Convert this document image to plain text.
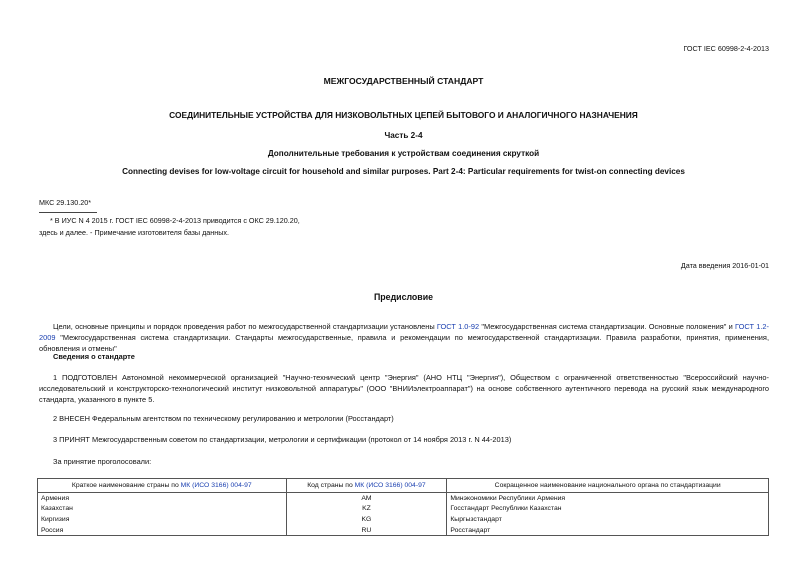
ГОСТ IEC 60998-2-4-2013
МЕЖГОСУДАРСТВЕННЫЙ СТАНДАРТ
СОЕДИНИТЕЛЬНЫЕ УСТРОЙСТВА ДЛЯ НИЗКОВОЛЬТНЫХ ЦЕПЕЙ БЫТОВОГО И АНАЛОГИЧНОГО НАЗНАЧЕНИЯ
Часть 2-4
Дополнительные требования к устройствам соединения скруткой
Connecting devises for low-voltage circuit for household and similar purposes. Part 2-4: Particular requirements for twist-on connecting devices
МКС 29.130.20*
* В ИУС N 4 2015 г. ГОСТ IEC 60998-2-4-2013 приводится с ОКС 29.120.20,
здесь и далее. - Примечание изготовителя базы данных.
Дата введения 2016-01-01
Предисловие
Цели, основные принципы и порядок проведения работ по межгосударственной стандартизации установлены ГОСТ 1.0-92 "Межгосударственная система стандартизации. Основные положения" и ГОСТ 1.2-2009 "Межгосударственная система стандартизации. Стандарты межгосударственные, правила и рекомендации по межгосударственной стандартизации. Правила разработки, принятия, применения, обновления и отмены"
Сведения о стандарте
1 ПОДГОТОВЛЕН Автономной некоммерческой организацией "Научно-технический центр "Энергия" (АНО НТЦ "Энергия"), Обществом с ограниченной ответственностью "Всероссийский научно-исследовательский и конструкторско-технологический институт низковольтной аппаратуры" (ООО "ВНИИэлектроаппарат") на основе собственного аутентичного перевода на русский язык международного стандарта, указанного в пункте 5.
2 ВНЕСЕН Федеральным агентством по техническому регулированию и метрологии (Росстандарт)
3 ПРИНЯТ Межгосударственным советом по стандартизации, метрологии и сертификации (протокол от 14 ноября 2013 г. N 44-2013)
За принятие проголосовали:
Краткое наименование страны по МК (ИСО 3166) 004-97	Код страны по МК (ИСО 3166) 004-97	Сокращенное наименование национального органа по стандартизации
Армения	AM	Минэкономики Республики Армения
Казахстан	KZ	Госстандарт Республики Казахстан
Киргизия	KG	Кыргызстандарт
Россия	RU	Росстандарт
